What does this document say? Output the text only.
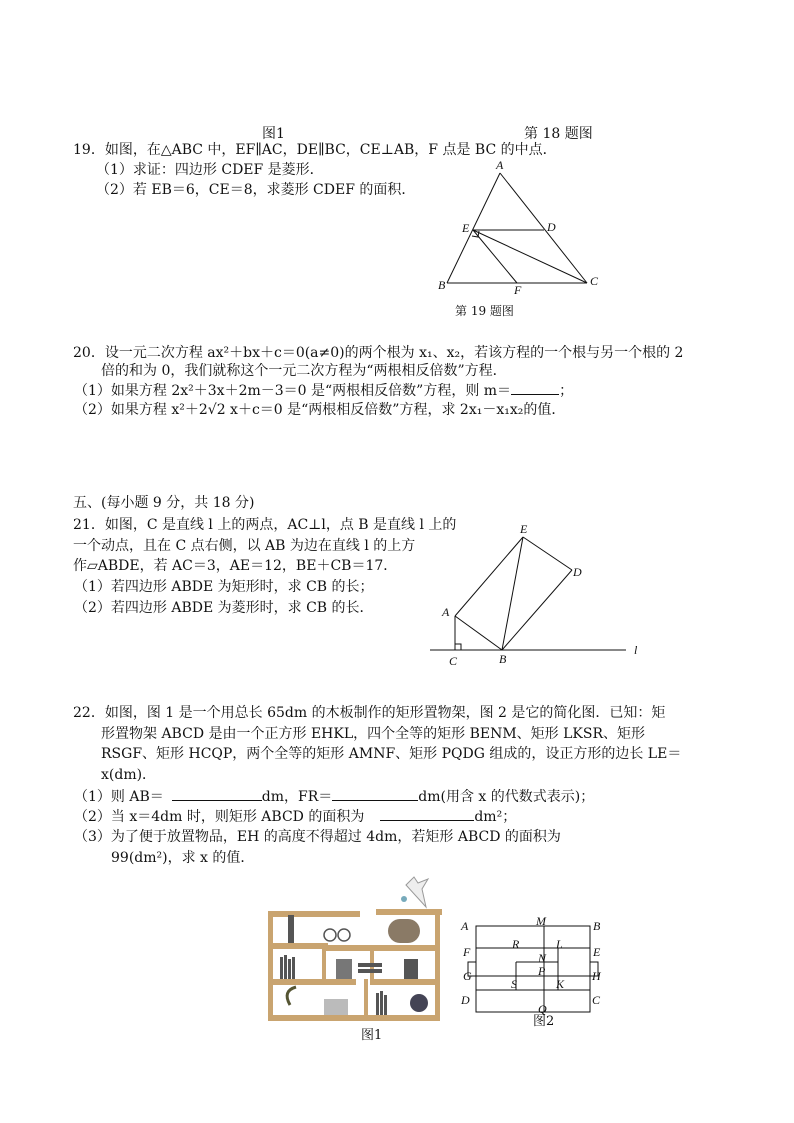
图1	第 18 题图
19．如图，在△ABC 中，EF∥AC，DE∥BC，CE⊥AB，F 点是 BC 的中点．
（1）求证：四边形 CDEF 是菱形．
（2）若 EB＝6，CE＝8，求菱形 CDEF 的面积．
A
E	D
B	F
C
第 19 题图
20．设一元二次方程 ax²＋bx＋c＝0(a≠0)的两个根为 x₁、x₂，若该方程的一个根与另一个根的 2
倍的和为 0，我们就称这个一元二次方程为“两根相反倍数”方程．
（1）如果方程 2x²＋3x＋2m－3＝0 是“两根相反倍数”方程，则 m＝	；
（2）如果方程 x²＋2√2 x＋c＝0 是“两根相反倍数”方程，求 2x₁－x₁x₂的值．
五、(每小题 9 分，共 18 分)
21．如图，C 是直线 l 上的两点，AC⊥l，点 B 是直线 l 上的
一个动点，且在 C 点右侧，以 AB 为边在直线 l 的上方
作▱ABDE，若 AC＝3，AE＝12，BE＋CB＝17．
（1）若四边形 ABDE 为矩形时，求 CB 的长；
（2）若四边形 ABDE 为菱形时，求 CB 的长．
E
D
A
C	B
l
22．如图，图 1 是一个用总长 65dm 的木板制作的矩形置物架，图 2 是它的简化图．已知：矩
形置物架 ABCD 是由一个正方形 EHKL，四个全等的矩形 BENM、矩形 LKSR、矩形
RSGF、矩形 HCQP，两个全等的矩形 AMNF、矩形 PQDG 组成的，设正方形的边长 LE＝
x(dm)．
（1）则 AB＝	dm，FR＝	dm(用含 x 的代数式表示)；
（2）当 x＝4dm 时，则矩形 ABCD 的面积为	dm²；
（3）为了便于放置物品，EH 的高度不得超过 4dm，若矩形 ABCD 的面积为
99(dm²)，求 x 的值．
图1
A	B
M
R	L
F	E
N
P
G	H
S	K
D	C
Q
图2
